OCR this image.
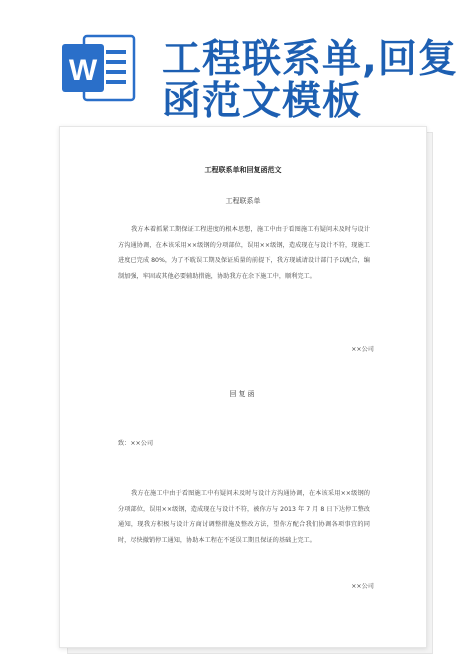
W 工程联系单,回复
函范文模板
工程联系单和回复函范文
工程联系单
我方本着抓紧工期保证工程进度的根本思想，施工中由于看图施工有疑问未及时与设计方沟通协调，在本该采用××级钢的分项部位，误用××级钢，造成现在与设计不符，现施工进度已完成 80%，为了不耽误工期及保证质量的前提下，我方现诚请设计部门予以配合，编制加强，牢固或其他必要辅助措施，协助我方在余下施工中，顺利完工。
××公司
回复函
致：××公司
我方在施工中由于看图施工中有疑问未及时与设计方沟通协调，在本该采用××级钢的分项部位，误用××级钢，造成现在与设计不符，被你方与 2013 年 7 月 8 日下达停工整改通知，现我方积极与设计方商讨调整措施及整改方法，望你方配合我们协调各项事宜的同时，尽快撤销停工通知，协助本工程在不延误工期且保证的基础上完工。
××公司
